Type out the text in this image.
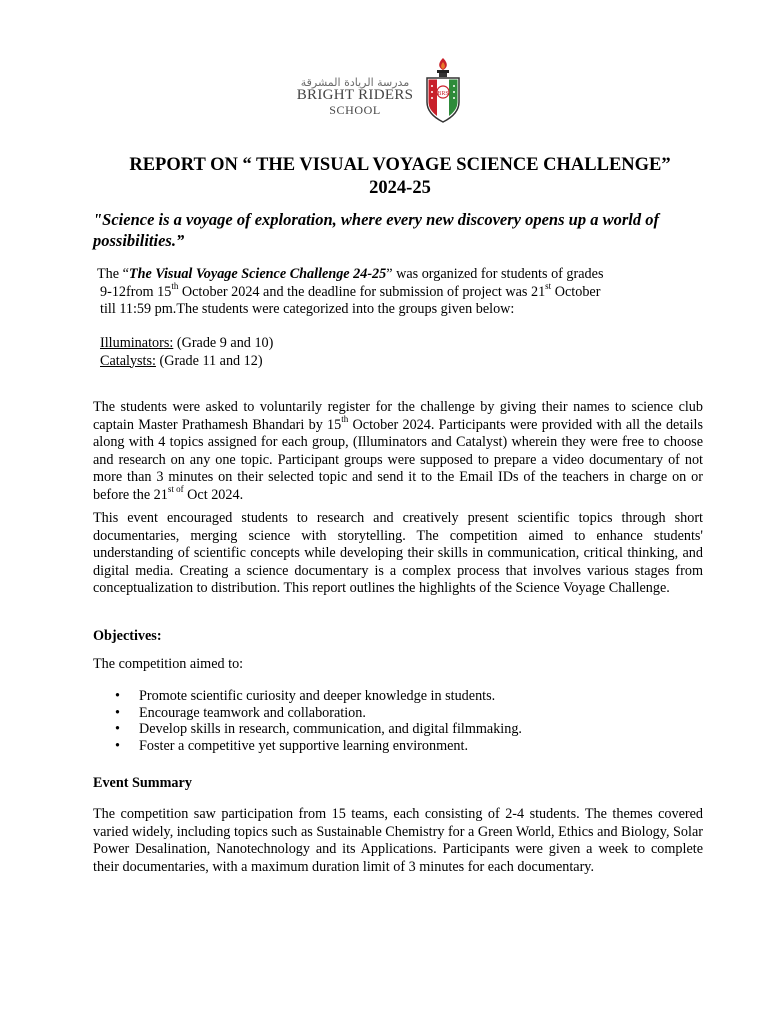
مدرسة الريادة المشرقة
BRIGHT RIDERS
SCHOOL
BRS
REPORT ON “ THE VISUAL VOYAGE SCIENCE CHALLENGE”
2024-25
"Science is a voyage of exploration, where every new discovery opens up a world of possibilities.”
The “The Visual Voyage Science Challenge 24-25” was organized for students of grades
9-12from 15th October 2024 and the deadline for submission of project was 21st October
till 11:59 pm.The students were categorized into the groups given below:
Illuminators: (Grade 9 and 10)
Catalysts: (Grade 11 and 12)
The students were asked to voluntarily register for the challenge by giving their names to science club captain Master Prathamesh Bhandari by 15th October 2024. Participants were provided with all the details along with 4 topics assigned for each group, (Illuminators and Catalyst) wherein they were free to choose and research on any one topic. Participant groups were supposed to prepare a video documentary of not more than 3 minutes on their selected topic and send it to the Email IDs of the teachers in charge on or before the $21^{st of}$ Oct 2024.
This event encouraged students to research and creatively present scientific topics through short documentaries, merging science with storytelling. The competition aimed to enhance students' understanding of scientific concepts while developing their skills in communication, critical thinking, and digital media. Creating a science documentary is a complex process that involves various stages from conceptualization to distribution. This report outlines the highlights of the Science Voyage Challenge.
Objectives:
The competition aimed to:
• Promote scientific curiosity and deeper knowledge in students.
• Encourage teamwork and collaboration.
• Develop skills in research, communication, and digital filmmaking.
• Foster a competitive yet supportive learning environment.
Event Summary
The competition saw participation from 15 teams, each consisting of 2-4 students. The themes covered varied widely, including topics such as Sustainable Chemistry for a Green World, Ethics and Biology, Solar Power Desalination, Nanotechnology and its Applications. Participants were given a week to complete their documentaries, with a maximum duration limit of 3 minutes for each documentary.
